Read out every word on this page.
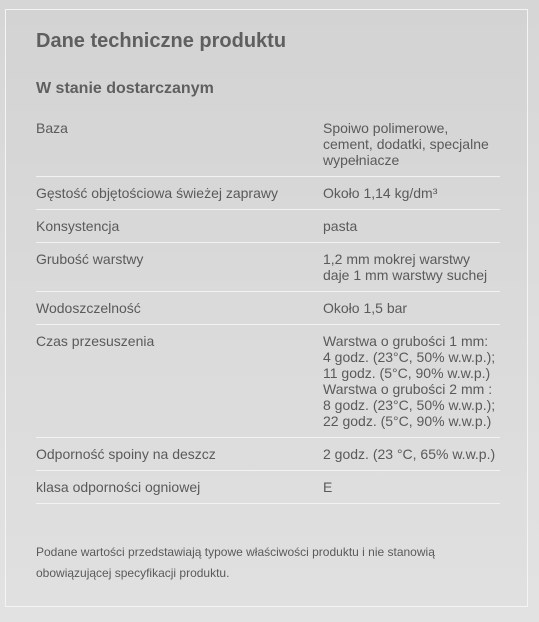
Dane techniczne produktu
W stanie dostarczanym
Baza	Spoiwo polimerowe,
cement, dodatki, specjalne
wypełniacze
Gęstość objętościowa świeżej zaprawy	Około 1,14 kg/dm³
Konsystencja	pasta
Grubość warstwy	1,2 mm mokrej warstwy
daje 1 mm warstwy suchej
Wodoszczelność	Około 1,5 bar
Czas przesuszenia	Warstwa o grubości 1 mm:
4 godz. (23°C, 50% w.w.p.);
11 godz. (5°C, 90% w.w.p.)
Warstwa o grubości 2 mm :
8 godz. (23°C, 50% w.w.p.);
22 godz. (5°C, 90% w.w.p.)
Odporność spoiny na deszcz	2 godz. (23 °C, 65% w.w.p.)
klasa odporności ogniowej	E
Podane wartości przedstawiają typowe właściwości produktu i nie stanowią obowiązującej specyfikacji produktu.
